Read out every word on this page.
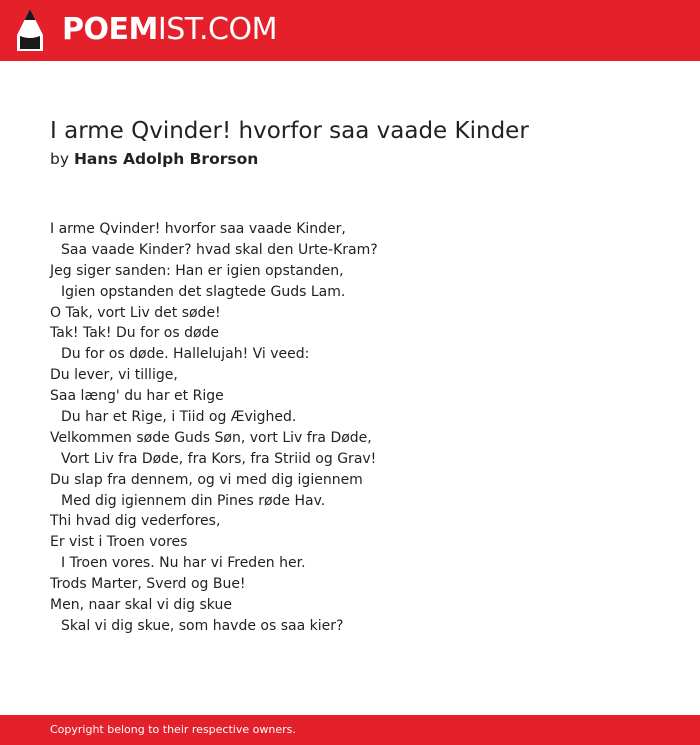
POEMIST.COM
I arme Qvinder! hvorfor saa vaade Kinder
by Hans Adolph Brorson
I arme Qvinder! hvorfor saa vaade Kinder,
Saa vaade Kinder? hvad skal den Urte-Kram?
Jeg siger sanden: Han er igien opstanden,
Igien opstanden det slagtede Guds Lam.
O Tak, vort Liv det søde!
Tak! Tak! Du for os døde
Du for os døde. Hallelujah! Vi veed:
Du lever, vi tillige,
Saa læng' du har et Rige
Du har et Rige, i Tiid og Ævighed.
Velkommen søde Guds Søn, vort Liv fra Døde,
Vort Liv fra Døde, fra Kors, fra Striid og Grav!
Du slap fra dennem, og vi med dig igiennem
Med dig igiennem din Pines røde Hav.
Thi hvad dig vederfores,
Er vist i Troen vores
I Troen vores. Nu har vi Freden her.
Trods Marter, Sverd og Bue!
Men, naar skal vi dig skue
Skal vi dig skue, som havde os saa kier?
Copyright belong to their respective owners.
